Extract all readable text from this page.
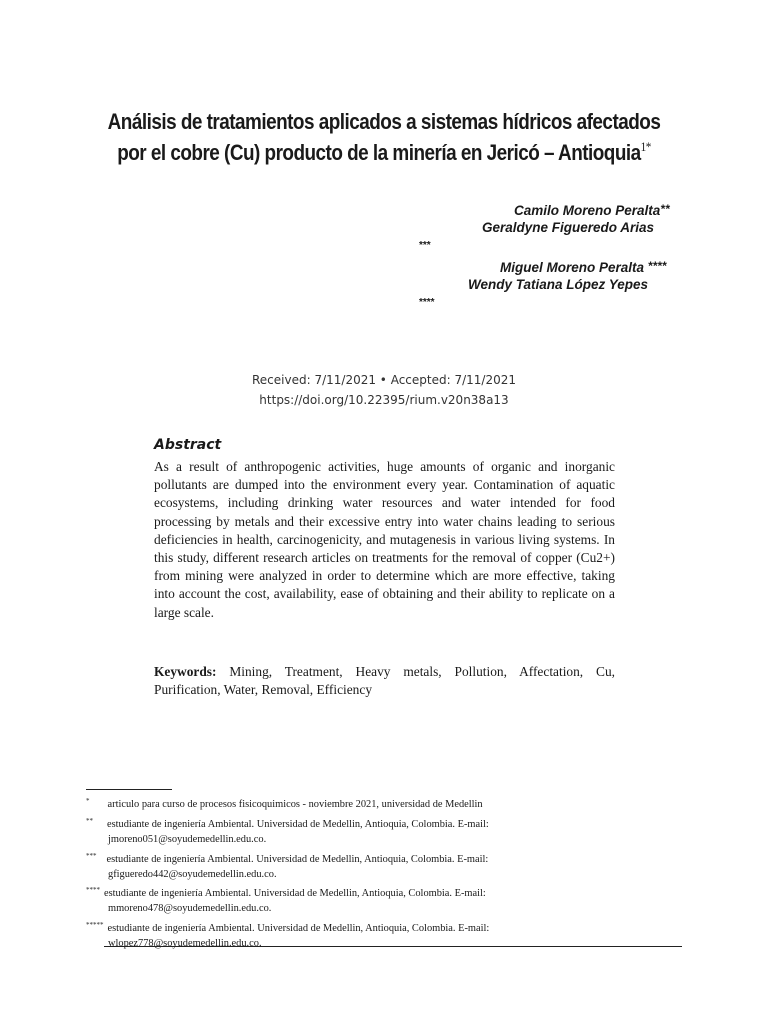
Análisis de tratamientos aplicados a sistemas hídricos afectados
por el cobre (Cu) producto de la minería en Jericó – Antioquia$^{1*}$
Camilo Moreno Peralta**
Geraldyne Figueredo Arias
***
Miguel Moreno Peralta ****
Wendy Tatiana López Yepes
****
Received: 7/11/2021 • Accepted: 7/11/2021
https://doi.org/10.22395/rium.v20n38a13
Abstract
As a result of anthropogenic activities, huge amounts of organic and inorganic pollutants are dumped into the environment every year. Contamination of aquatic ecosystems, including drinking water resources and water intended for food processing by metals and their excessive entry into water chains leading to serious deficiencies in health, carcinogenicity, and mutagenesis in various living systems. In this study, different research articles on treatments for the removal of copper (Cu2+) from mining were analyzed in order to determine which are more effective, taking into account the cost, availability, ease of obtaining and their ability to replicate on a large scale.
Keywords: Mining, Treatment, Heavy metals, Pollution, Affectation, Cu, Purification, Water, Removal, Efficiency
* articulo para curso de procesos fisicoquimicos - noviembre 2021, universidad de Medellin
** estudiante de ingeniería Ambiental. Universidad de Medellin, Antioquia, Colombia. E-mail:
jmoreno051@soyudemedellin.edu.co.
*** estudiante de ingeniería Ambiental. Universidad de Medellin, Antioquia, Colombia. E-mail:
gfigueredo442@soyudemedellin.edu.co.
**** estudiante de ingeniería Ambiental. Universidad de Medellin, Antioquia, Colombia. E-mail:
mmoreno478@soyudemedellin.edu.co.
***** estudiante de ingeniería Ambiental. Universidad de Medellin, Antioquia, Colombia. E-mail:
wlopez778@soyudemedellin.edu.co.
